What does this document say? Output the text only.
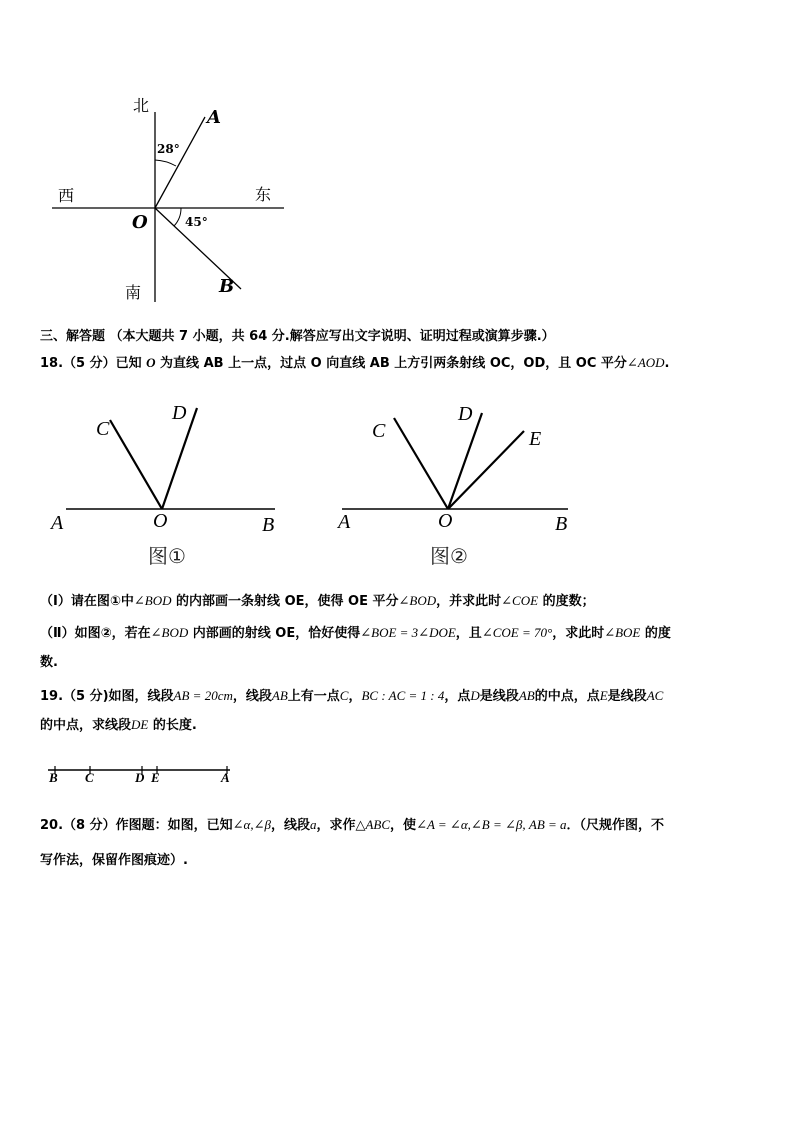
北
西	东
南
O
A
B
28°
45°
三、解答题 （本大题共 7 小题，共 64 分.解答应写出文字说明、证明过程或演算步骤.）
18.（5 分）已知 O 为直线 AB 上一点，过点 O 向直线 AB 上方引两条射线 OC，OD，且 OC 平分∠AOD.
C
D
A	O	B
图①
C
D
E
A	O	B
图②
（Ⅰ）请在图①中∠BOD 的内部画一条射线 OE，使得 OE 平分∠BOD，并求此时∠COE 的度数；
（Ⅱ）如图②，若在∠BOD 内部画的射线 OE，恰好使得∠BOE = 3∠DOE，且∠COE = 70°，求此时∠BOE 的度
数.
19.（5 分)如图，线段AB = 20cm，线段AB上有一点C，BC : AC = 1 : 4，点D是线段AB的中点，点E是线段AC
的中点，求线段DE 的长度.
B C	D E	A
20.（8 分）作图题：如图，已知∠α,∠β，线段a，求作△ABC，使∠A = ∠α,∠B = ∠β, AB = a．（尺规作图，不
写作法，保留作图痕迹）.
